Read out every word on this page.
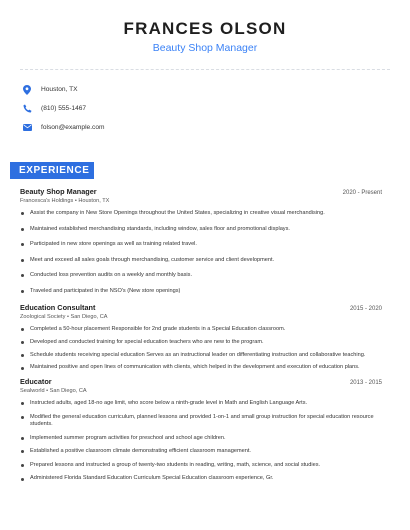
FRANCES OLSON
Beauty Shop Manager
Houston, TX
(810) 555-1467
folson@example.com
EXPERIENCE
Beauty Shop Manager	2020 - Present
Francesca's Holdings • Houston, TX
Assist the company in New Store Openings throughout the United States, specializing in creative visual merchandising.
Maintained established merchandising standards, including window, sales floor and promotional displays.
Participated in new store openings as well as training related travel.
Meet and exceed all sales goals through merchandising, customer service and client development.
Conducted loss prevention audits on a weekly and monthly basis.
Traveled and participated in the NSO's (New store openings)
Education Consultant	2015 - 2020
Zoological Society • San Diego, CA
Completed a 50-hour placement Responsible for 2nd grade students in a Special Education classroom.
Developed and conducted training for special education teachers who are new to the program.
Schedule students receiving special education Serves as an instructional leader on differentiating instruction and collaborative teaching.
Maintained positive and open lines of communication with clients, which helped in the development and execution of education plans.
Educator	2013 - 2015
Sealworld • San Diego, CA
Instructed adults, aged 18-no age limit, who score below a ninth-grade level in Math and English Language Arts.
Modified the general education curriculum, planned lessons and provided 1-on-1 and small group instruction for special education resource students.
Implemented summer program activities for preschool and school age children.
Established a positive classroom climate demonstrating efficient classroom management.
Prepared lessons and instructed a group of twenty-two students in reading, writing, math, science, and social studies.
Administered Florida Standard Education Curriculum Special Education classroom experience, Gr.
